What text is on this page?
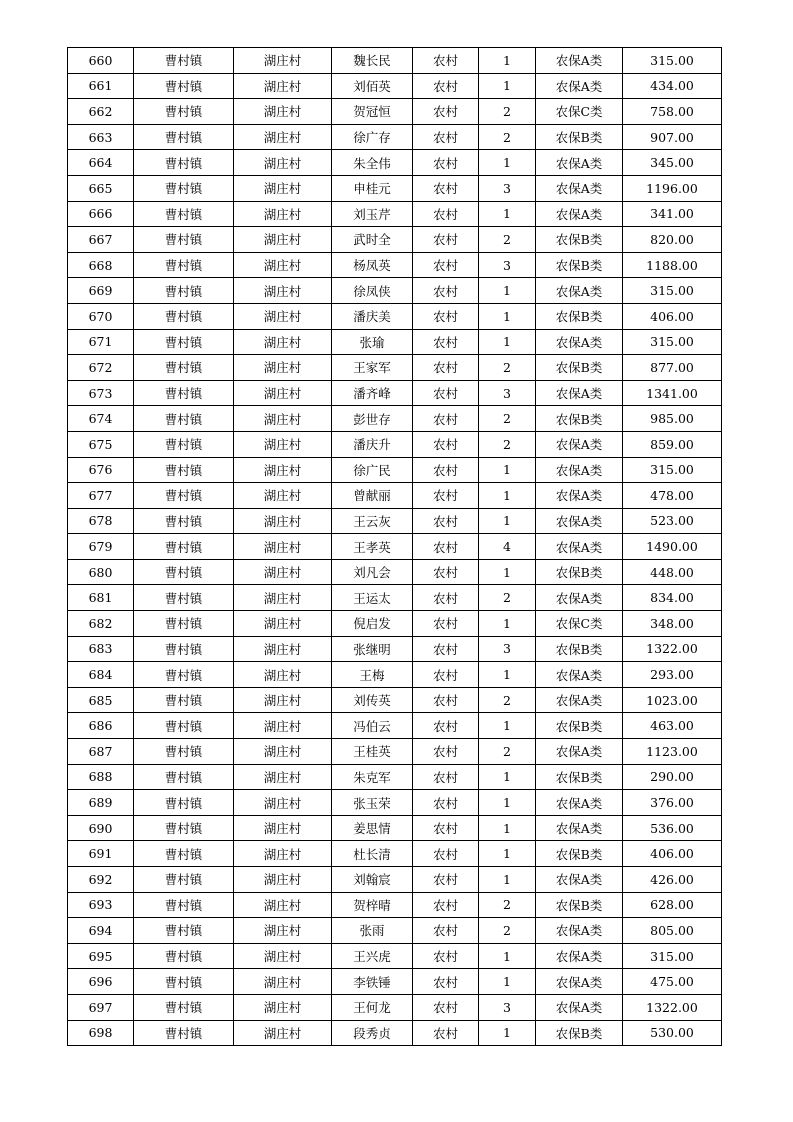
660	曹村镇	湖庄村	魏长民	农村	1	农保A类	315.00
661	曹村镇	湖庄村	刘佰英	农村	1	农保A类	434.00
662	曹村镇	湖庄村	贺冠恒	农村	2	农保C类	758.00
663	曹村镇	湖庄村	徐广存	农村	2	农保B类	907.00
664	曹村镇	湖庄村	朱全伟	农村	1	农保A类	345.00
665	曹村镇	湖庄村	申桂元	农村	3	农保A类	1196.00
666	曹村镇	湖庄村	刘玉芹	农村	1	农保A类	341.00
667	曹村镇	湖庄村	武时全	农村	2	农保B类	820.00
668	曹村镇	湖庄村	杨凤英	农村	3	农保B类	1188.00
669	曹村镇	湖庄村	徐凤侠	农村	1	农保A类	315.00
670	曹村镇	湖庄村	潘庆美	农村	1	农保B类	406.00
671	曹村镇	湖庄村	张瑜	农村	1	农保A类	315.00
672	曹村镇	湖庄村	王家军	农村	2	农保B类	877.00
673	曹村镇	湖庄村	潘齐峰	农村	3	农保A类	1341.00
674	曹村镇	湖庄村	彭世存	农村	2	农保B类	985.00
675	曹村镇	湖庄村	潘庆升	农村	2	农保A类	859.00
676	曹村镇	湖庄村	徐广民	农村	1	农保A类	315.00
677	曹村镇	湖庄村	曾献丽	农村	1	农保A类	478.00
678	曹村镇	湖庄村	王云灰	农村	1	农保A类	523.00
679	曹村镇	湖庄村	王孝英	农村	4	农保A类	1490.00
680	曹村镇	湖庄村	刘凡会	农村	1	农保B类	448.00
681	曹村镇	湖庄村	王运太	农村	2	农保A类	834.00
682	曹村镇	湖庄村	倪启发	农村	1	农保C类	348.00
683	曹村镇	湖庄村	张继明	农村	3	农保B类	1322.00
684	曹村镇	湖庄村	王梅	农村	1	农保A类	293.00
685	曹村镇	湖庄村	刘传英	农村	2	农保A类	1023.00
686	曹村镇	湖庄村	冯伯云	农村	1	农保B类	463.00
687	曹村镇	湖庄村	王桂英	农村	2	农保A类	1123.00
688	曹村镇	湖庄村	朱克军	农村	1	农保B类	290.00
689	曹村镇	湖庄村	张玉荣	农村	1	农保A类	376.00
690	曹村镇	湖庄村	姜思情	农村	1	农保A类	536.00
691	曹村镇	湖庄村	杜长清	农村	1	农保B类	406.00
692	曹村镇	湖庄村	刘翰宸	农村	1	农保A类	426.00
693	曹村镇	湖庄村	贺梓晴	农村	2	农保B类	628.00
694	曹村镇	湖庄村	张雨	农村	2	农保A类	805.00
695	曹村镇	湖庄村	王兴虎	农村	1	农保A类	315.00
696	曹村镇	湖庄村	李铁锤	农村	1	农保A类	475.00
697	曹村镇	湖庄村	王何龙	农村	3	农保A类	1322.00
698	曹村镇	湖庄村	段秀贞	农村	1	农保B类	530.00
